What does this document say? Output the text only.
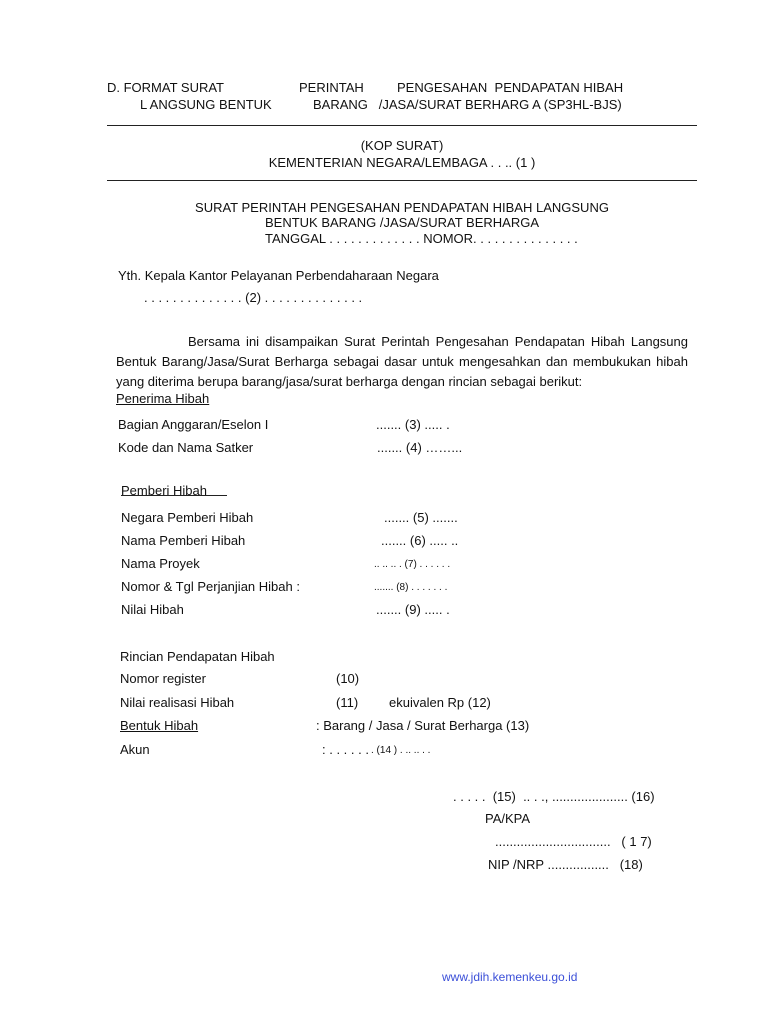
D. FORMAT SURAT	PERINTAH	PENGESAHAN  PENDAPATAN HIBAH
L ANGSUNG BENTUK	BARANG   /JASA/SURAT BERHARG A (SP3HL-BJS)
(KOP SURAT)
KEMENTERIAN NEGARA/LEMBAGA . . .. (1 )
SURAT PERINTAH PENGESAHAN PENDAPATAN HIBAH LANGSUNG
BENTUK BARANG /JASA/SURAT BERHARGA
TANGGAL . . . . . . . . . . . . . NOMOR. . . . . . . . . . . . . . .
Yth. Kepala Kantor Pelayanan Perbendaharaan Negara
. . . . . . . . . . . . . . (2) . . . . . . . . . . . . . .
Bersama ini disampaikan Surat Perintah Pengesahan Pendapatan Hibah Langsung Bentuk Barang/Jasa/Surat Berharga sebagai dasar untuk mengesahkan dan membukukan hibah yang diterima berupa barang/jasa/surat berharga dengan rincian sebagai berikut:
Penerima Hibah
Bagian Anggaran/Eselon I	....... (3) ..... .
Kode dan Nama Satker	....... (4) ……...
Pemberi Hibah
Negara Pemberi Hibah	....... (5) .......
Nama Pemberi Hibah	....... (6) ..... ..
Nama Proyek	.. .. .. . (7) . . . . . .
Nomor & Tgl Perjanjian Hibah :	....... (8) . . . . . . .
Nilai Hibah	....... (9) ..... .
Rincian Pendapatan Hibah
Nomor register	(10)
Nilai realisasi Hibah	(11) ekuivalen Rp (12)
Bentuk Hibah	: Barang / Jasa / Surat Berharga (13)
Akun	: . . . . . . . (14 ) . .. .. . .
. . . . .  (15)  .. . ., ..................... (16)
PA/KPA
................................   ( 1 7)
NIP /NRP .................   (18)
www.jdih.kemenkeu.go.id
